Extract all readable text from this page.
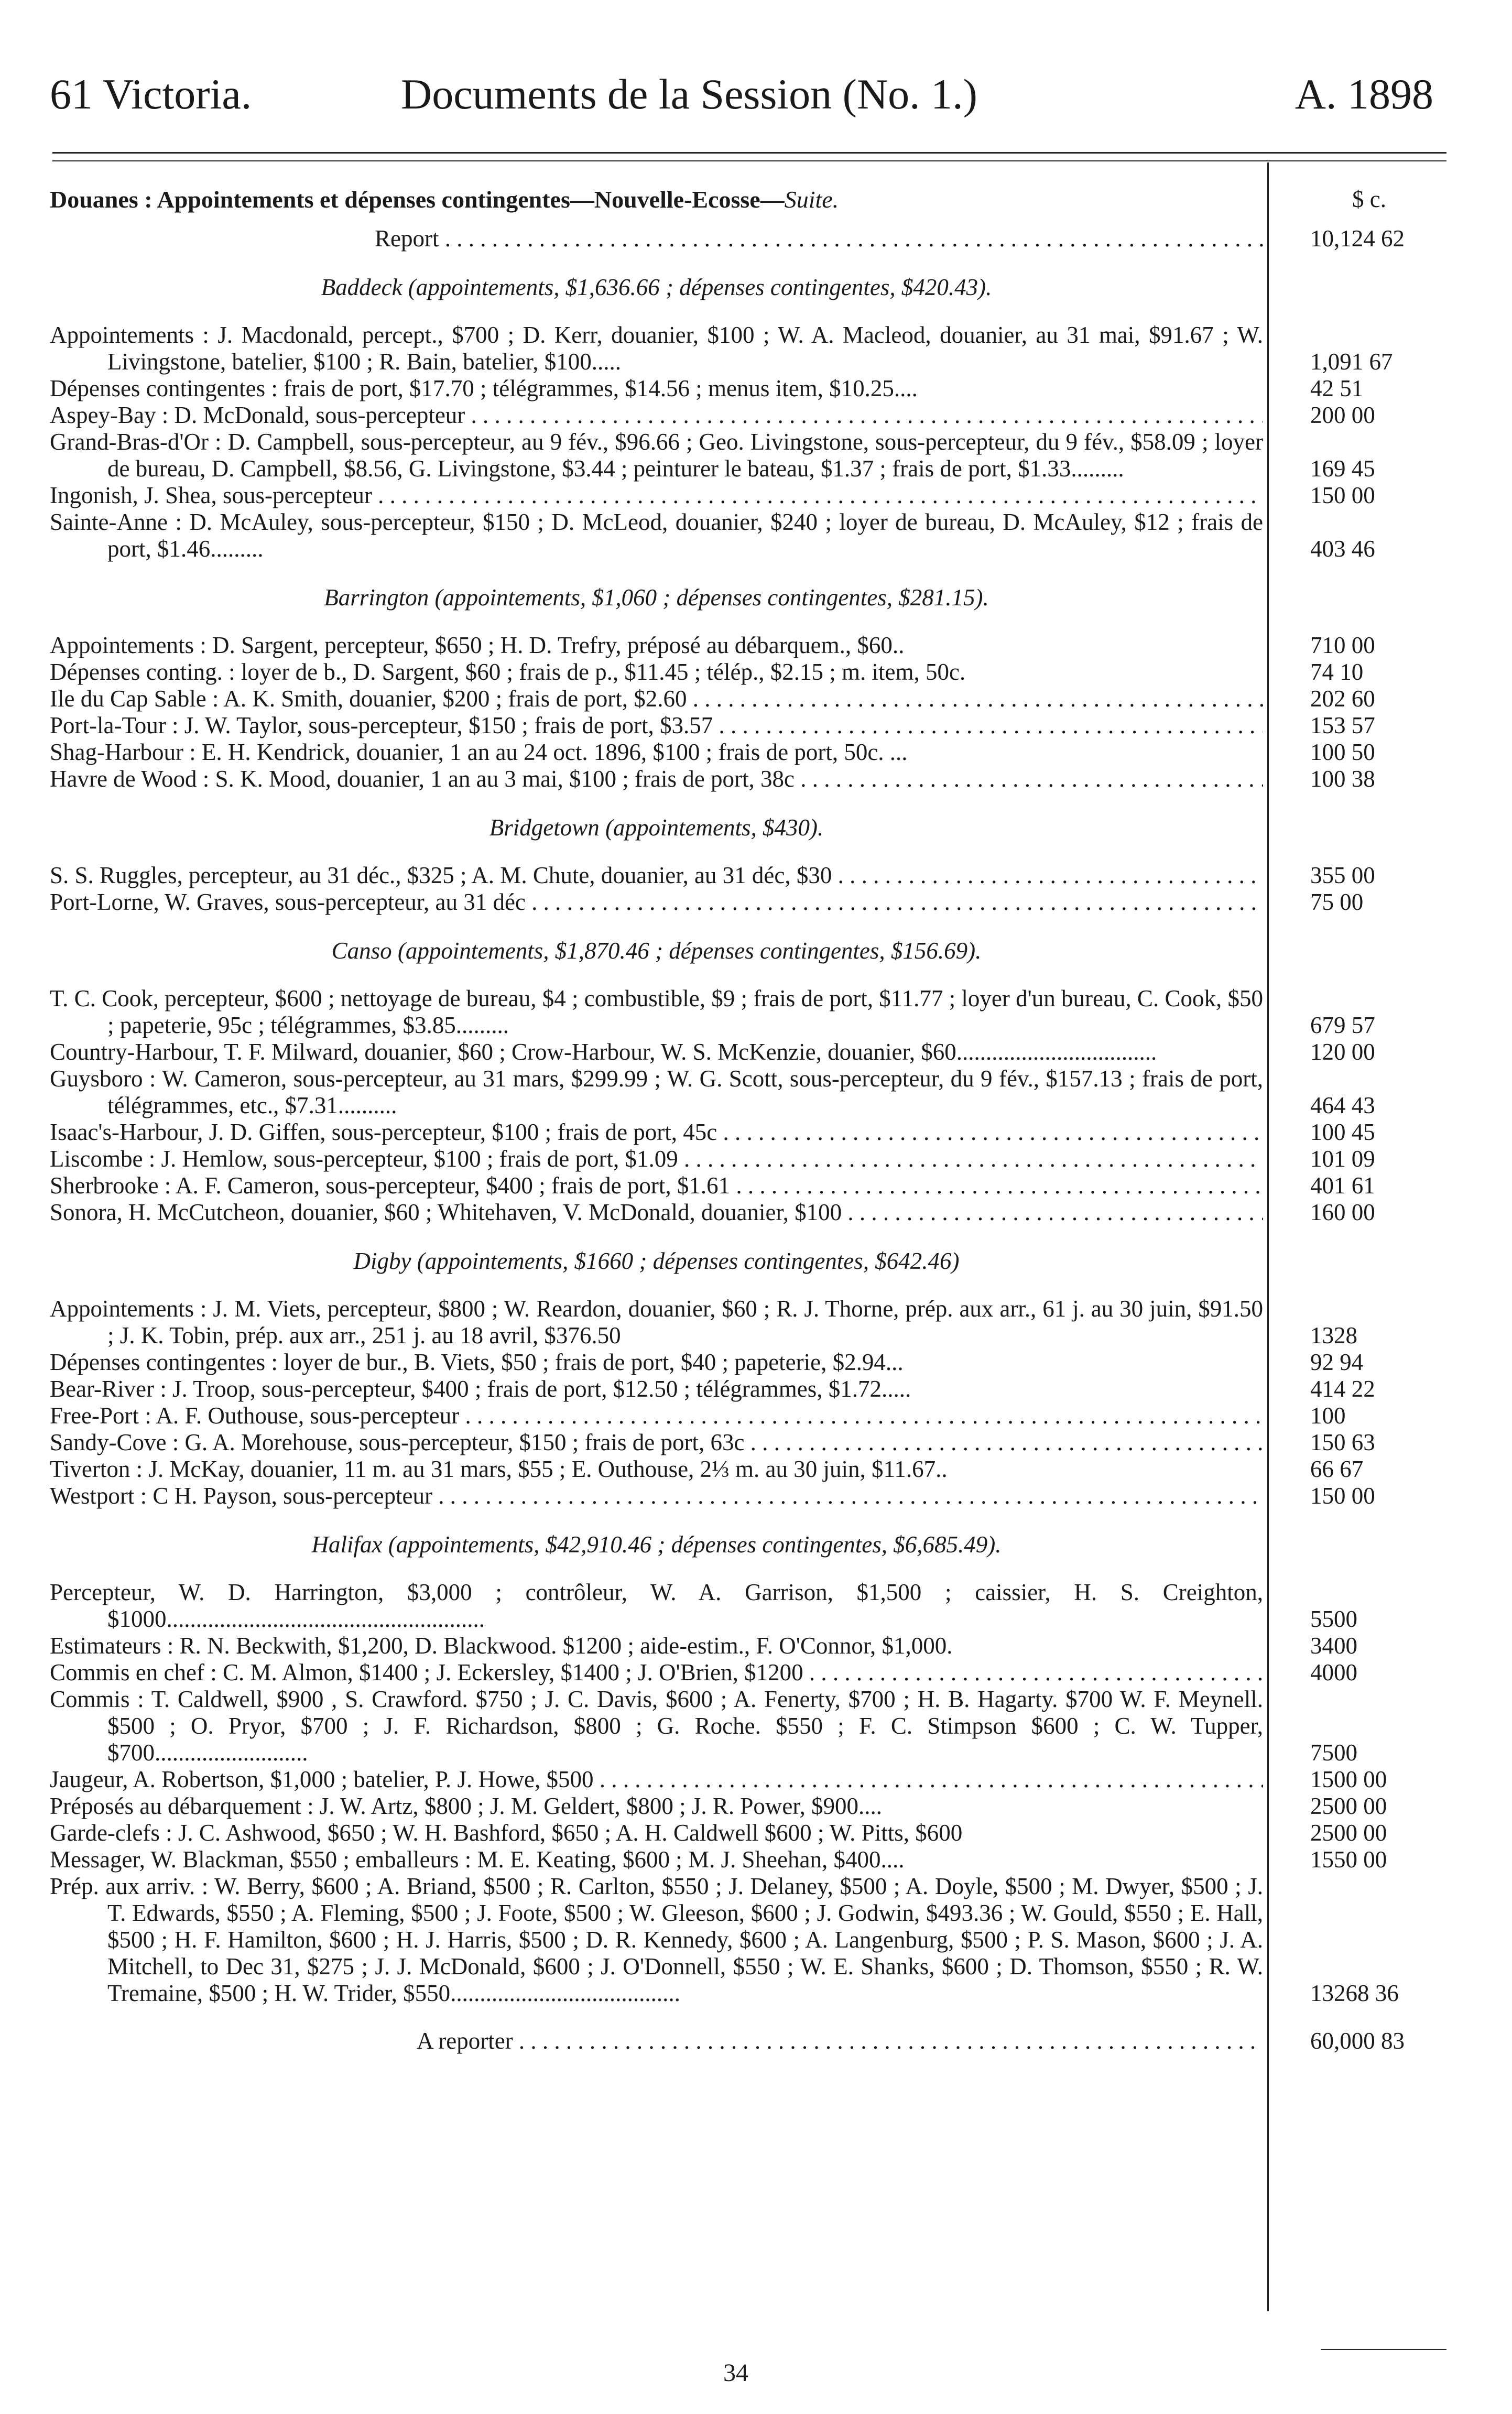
61 Victoria.	Documents de la Session (No. 1.)	A. 1898
Douanes : Appointements et dépenses contingentes—Nouvelle-Ecosse—Suite.	$ c.
Report . . .	10,124 62
Baddeck (appointements, $1,636.66 ; dépenses contingentes, $420.43).
Appointements : J. Macdonald, percept., $700 ; D. Kerr, douanier, $100 ; W. A. Macleod, douanier, au 31 mai, $91.67 ; W. Livingstone, batelier, $100 ; R. Bain, batelier, $100.....	1,091 67
Dépenses contingentes : frais de port, $17.70 ; télégrammes, $14.56 ; menus item, $10.25....	42 51
Aspey-Bay : D. McDonald, sous-percepteur . . .	200 00
Grand-Bras-d'Or : D. Campbell, sous-percepteur, au 9 fév., $96.66 ; Geo. Livingstone, sous-percepteur, du 9 fév., $58.09 ; loyer de bureau, D. Campbell, $8.56, G. Livingstone, $3.44 ; peinturer le bateau, $1.37 ; frais de port, $1.33.........	169 45
Ingonish, J. Shea, sous-percepteur . . .	150 00
Sainte-Anne : D. McAuley, sous-percepteur, $150 ; D. McLeod, douanier, $240 ; loyer de bureau, D. McAuley, $12 ; frais de port, $1.46.........	403 46
Barrington (appointements, $1,060 ; dépenses contingentes, $281.15).
Appointements : D. Sargent, percepteur, $650 ; H. D. Trefry, préposé au débarquem., $60..	710 00
Dépenses conting. : loyer de b., D. Sargent, $60 ; frais de p., $11.45 ; télép., $2.15 ; m. item, 50c.	74 10
Ile du Cap Sable : A. K. Smith, douanier, $200 ; frais de port, $2.60 . . .	202 60
Port-la-Tour : J. W. Taylor, sous-percepteur, $150 ; frais de port, $3.57 . . .	153 57
Shag-Harbour : E. H. Kendrick, douanier, 1 an au 24 oct. 1896, $100 ; frais de port, 50c. ...	100 50
Havre de Wood : S. K. Mood, douanier, 1 an au 3 mai, $100 ; frais de port, 38c . . .	100 38
Bridgetown (appointements, $430).
S. S. Ruggles, percepteur, au 31 déc., $325 ; A. M. Chute, douanier, au 31 déc, $30 . . .	355 00
Port-Lorne, W. Graves, sous-percepteur, au 31 déc . . .	75 00
Canso (appointements, $1,870.46 ; dépenses contingentes, $156.69).
T. C. Cook, percepteur, $600 ; nettoyage de bureau, $4 ; combustible, $9 ; frais de port, $11.77 ; loyer d'un bureau, C. Cook, $50 ; papeterie, 95c ; télégrammes, $3.85.........	679 57
Country-Harbour, T. F. Milward, douanier, $60 ; Crow-Harbour, W. S. McKenzie, douanier, $60..................................	120 00
Guysboro : W. Cameron, sous-percepteur, au 31 mars, $299.99 ; W. G. Scott, sous-percepteur, du 9 fév., $157.13 ; frais de port, télégrammes, etc., $7.31..........	464 43
Isaac's-Harbour, J. D. Giffen, sous-percepteur, $100 ; frais de port, 45c . . .	100 45
Liscombe : J. Hemlow, sous-percepteur, $100 ; frais de port, $1.09 . . .	101 09
Sherbrooke : A. F. Cameron, sous-percepteur, $400 ; frais de port, $1.61 . . .	401 61
Sonora, H. McCutcheon, douanier, $60 ; Whitehaven, V. McDonald, douanier, $100 . . .	160 00
Digby (appointements, $1660 ; dépenses contingentes, $642.46)
Appointements : J. M. Viets, percepteur, $800 ; W. Reardon, douanier, $60 ; R. J. Thorne, prép. aux arr., 61 j. au 30 juin, $91.50 ; J. K. Tobin, prép. aux arr., 251 j. au 18 avril, $376.50	1328
Dépenses contingentes : loyer de bur., B. Viets, $50 ; frais de port, $40 ; papeterie, $2.94...	92 94
Bear-River : J. Troop, sous-percepteur, $400 ; frais de port, $12.50 ; télégrammes, $1.72.....	414 22
Free-Port : A. F. Outhouse, sous-percepteur . . .	100
Sandy-Cove : G. A. Morehouse, sous-percepteur, $150 ; frais de port, 63c . . .	150 63
Tiverton : J. McKay, douanier, 11 m. au 31 mars, $55 ; E. Outhouse, 2⅓ m. au 30 juin, $11.67..	66 67
Westport : C H. Payson, sous-percepteur . . .	150 00
Halifax (appointements, $42,910.46 ; dépenses contingentes, $6,685.49).
Percepteur, W. D. Harrington, $3,000 ; contrôleur, W. A. Garrison, $1,500 ; caissier, H. S. Creighton, $1000......................................................	5500
Estimateurs : R. N. Beckwith, $1,200, D. Blackwood. $1200 ; aide-estim., F. O'Connor, $1,000.	3400
Commis en chef : C. M. Almon, $1400 ; J. Eckersley, $1400 ; J. O'Brien, $1200 . . .	4000
Commis : T. Caldwell, $900 , S. Crawford. $750 ; J. C. Davis, $600 ; A. Fenerty, $700 ; H. B. Hagarty. $700 W. F. Meynell. $500 ; O. Pryor, $700 ; J. F. Richardson, $800 ; G. Roche. $550 ; F. C. Stimpson $600 ; C. W. Tupper, $700..........................	7500
Jaugeur, A. Robertson, $1,000 ; batelier, P. J. Howe, $500 . . .	1500 00
Préposés au débarquement : J. W. Artz, $800 ; J. M. Geldert, $800 ; J. R. Power, $900....	2500 00
Garde-clefs : J. C. Ashwood, $650 ; W. H. Bashford, $650 ; A. H. Caldwell $600 ; W. Pitts, $600	2500 00
Messager, W. Blackman, $550 ; emballeurs : M. E. Keating, $600 ; M. J. Sheehan, $400....	1550 00
Prép. aux arriv. : W. Berry, $600 ; A. Briand, $500 ; R. Carlton, $550 ; J. Delaney, $500 ; A. Doyle, $500 ; M. Dwyer, $500 ; J. T. Edwards, $550 ; A. Fleming, $500 ; J. Foote, $500 ; W. Gleeson, $600 ; J. Godwin, $493.36 ; W. Gould, $550 ; E. Hall, $500 ; H. F. Hamilton, $600 ; H. J. Harris, $500 ; D. R. Kennedy, $600 ; A. Langenburg, $500 ; P. S. Mason, $600 ; J. A. Mitchell, to Dec 31, $275 ; J. J. McDonald, $600 ; J. O'Donnell, $550 ; W. E. Shanks, $600 ; D. Thomson, $550 ; R. W. Tremaine, $500 ; H. W. Trider, $550.......................................	13268 36
A reporter . . .	60,000 83
34
